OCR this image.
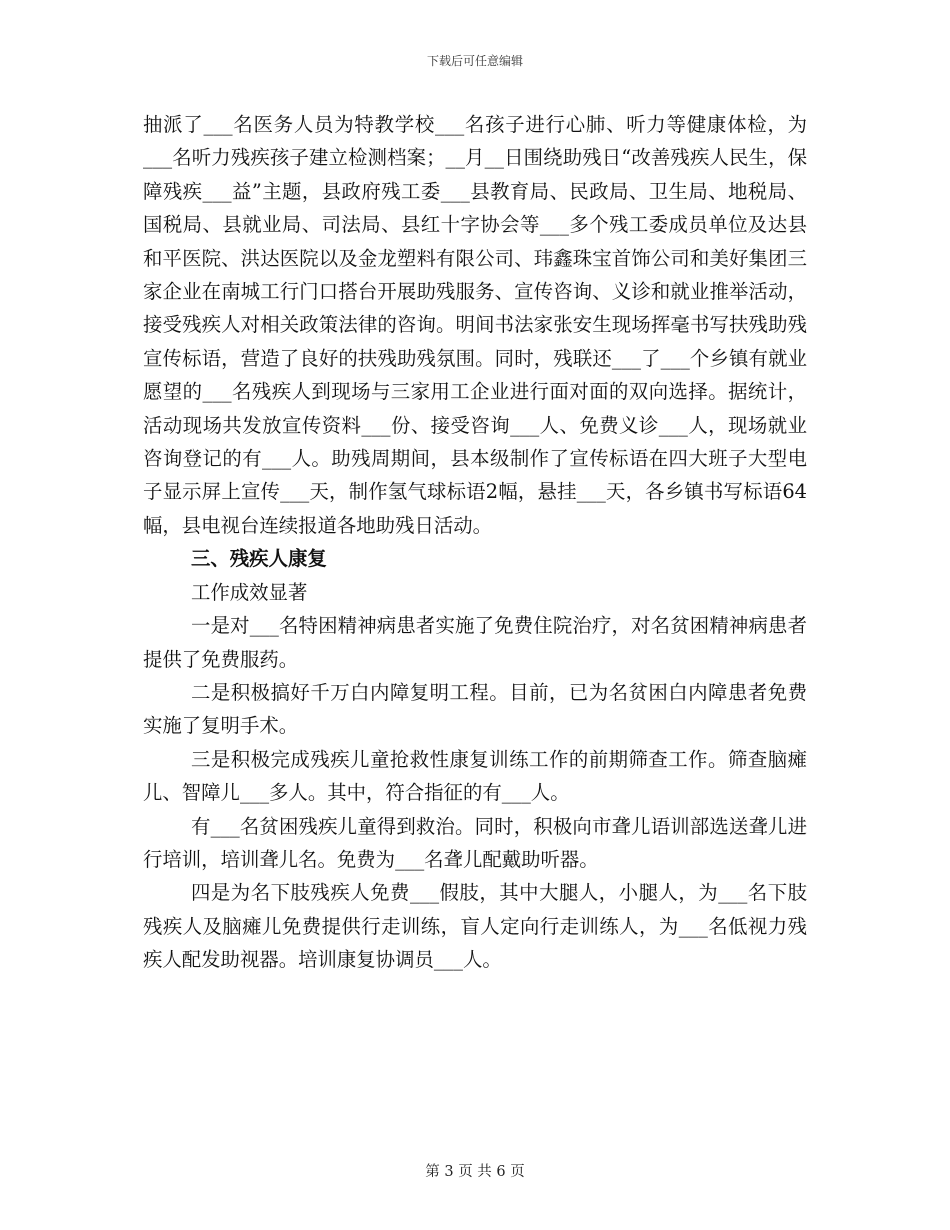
下载后可任意编辑

抽派了___名医务人员为特教学校___名孩子进行心肺、听力等健康体检，为___名听力残疾孩子建立检测档案；__月__日围绕助残日“改善残疾人民生，保障残疾___益”主题，县政府残工委___县教育局、民政局、卫生局、地税局、国税局、县就业局、司法局、县红十字协会等___多个残工委成员单位及达县和平医院、洪达医院以及金龙塑料有限公司、玮鑫珠宝首饰公司和美好集团三家企业在南城工行门口搭台开展助残服务、宣传咨询、义诊和就业推举活动，接受残疾人对相关政策法律的咨询。明间书法家张安生现场挥毫书写扶残助残宣传标语，营造了良好的扶残助残氛围。同时，残联还___了___个乡镇有就业愿望的___名残疾人到现场与三家用工企业进行面对面的双向选择。据统计，活动现场共发放宣传资料___份、接受咨询___人、免费义诊___人，现场就业咨询登记的有___人。助残周期间，县本级制作了宣传标语在四大班子大型电子显示屏上宣传___天，制作氢气球标语2幅，悬挂___天，各乡镇书写标语64幅，县电视台连续报道各地助残日活动。

三、残疾人康复

工作成效显著

一是对___名特困精神病患者实施了免费住院治疗，对名贫困精神病患者提供了免费服药。

二是积极搞好千万白内障复明工程。目前，已为名贫困白内障患者免费实施了复明手术。

三是积极完成残疾儿童抢救性康复训练工作的前期筛查工作。筛查脑瘫儿、智障儿___多人。其中，符合指征的有___人。

有___名贫困残疾儿童得到救治。同时，积极向市聋儿语训部选送聋儿进行培训，培训聋儿名。免费为___名聋儿配戴助听器。

四是为名下肢残疾人免费___假肢，其中大腿人，小腿人，为___名下肢残疾人及脑瘫儿免费提供行走训练，盲人定向行走训练人，为___名低视力残疾人配发助视器。培训康复协调员___人。

第 3 页 共 6 页
